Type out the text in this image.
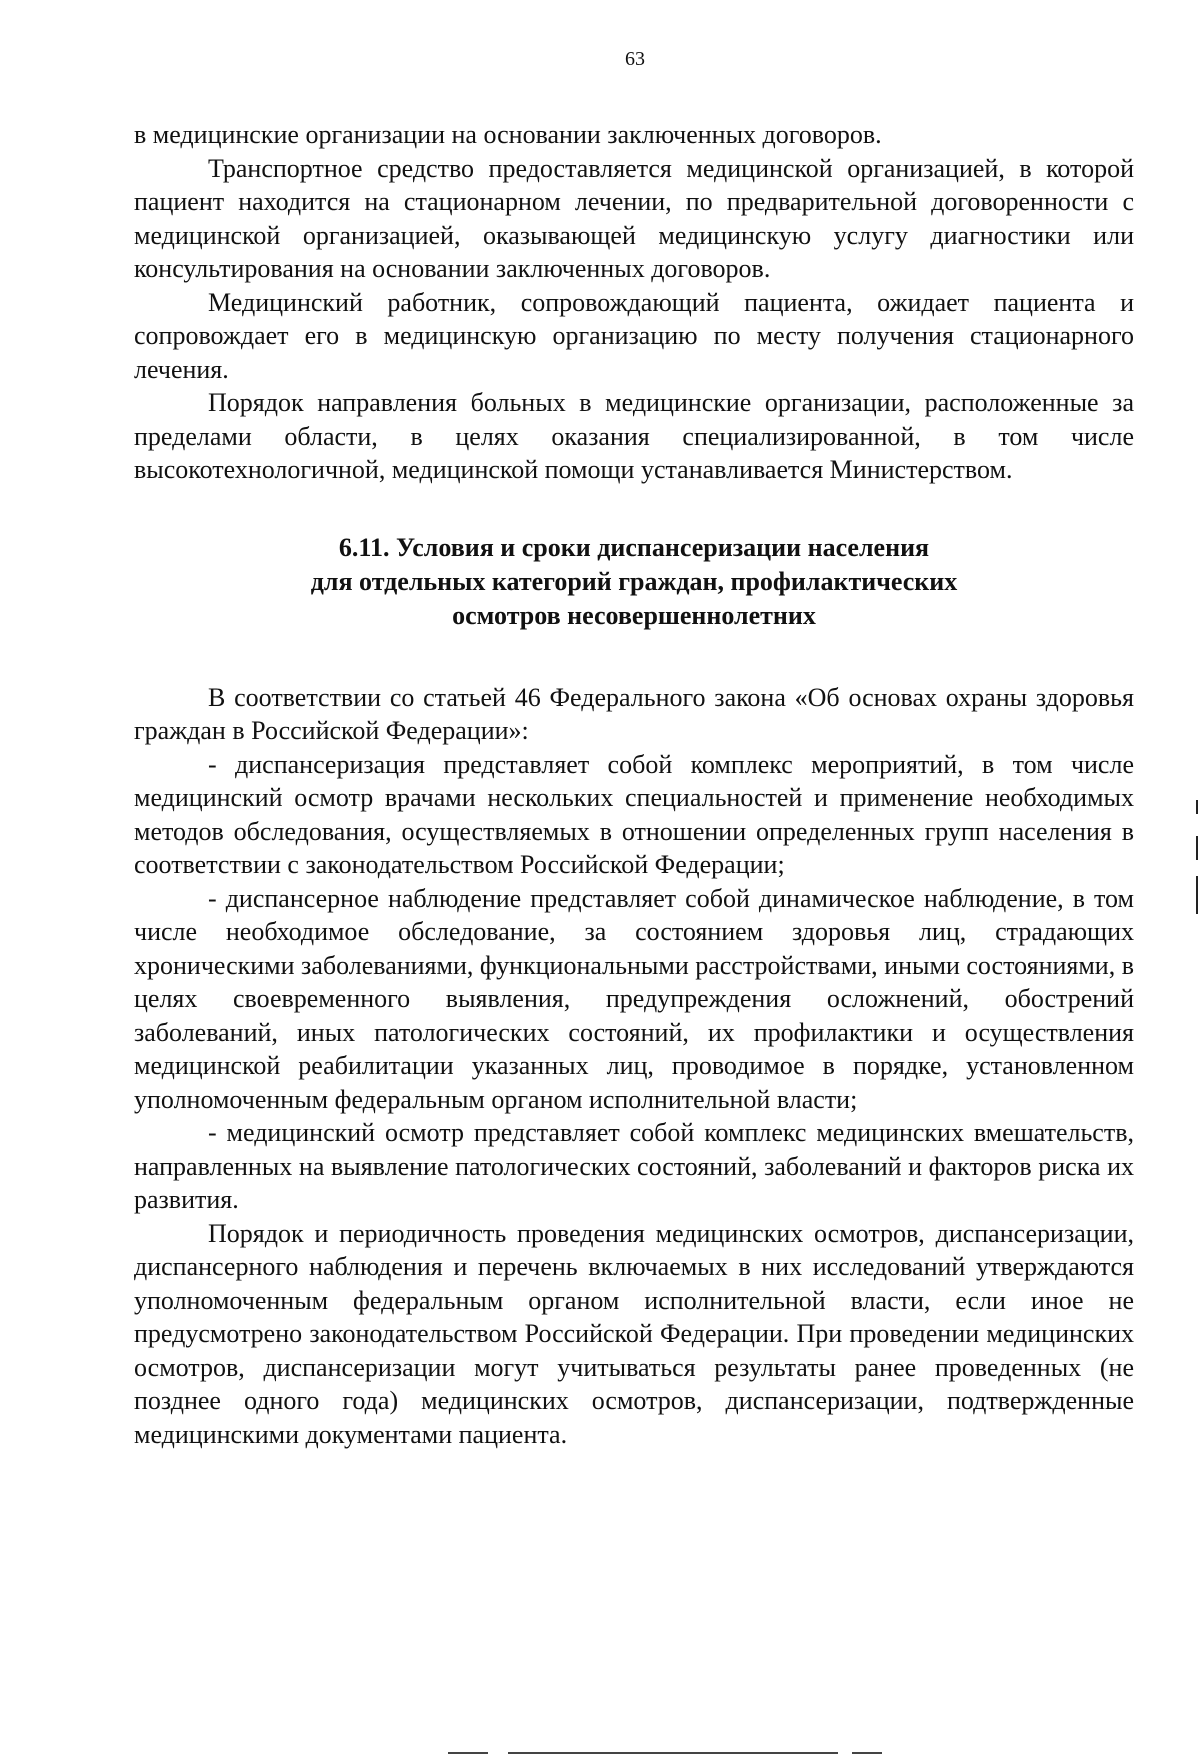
63

в медицинские организации на основании заключенных договоров.

Транспортное средство предоставляется медицинской организацией, в которой пациент находится на стационарном лечении, по предварительной договоренности с медицинской организацией, оказывающей медицинскую услугу диагностики или консультирования на основании заключенных договоров.

Медицинский работник, сопровождающий пациента, ожидает пациента и сопровождает его в медицинскую организацию по месту получения стационарного лечения.

Порядок направления больных в медицинские организации, расположенные за пределами области, в целях оказания специализированной, в том числе высокотехнологичной, медицинской помощи устанавливается Министерством.

6.11. Условия и сроки диспансеризации населения
для отдельных категорий граждан, профилактических
осмотров несовершеннолетних

В соответствии со статьей 46 Федерального закона «Об основах охраны здоровья граждан в Российской Федерации»:

- диспансеризация представляет собой комплекс мероприятий, в том числе медицинский осмотр врачами нескольких специальностей и применение необходимых методов обследования, осуществляемых в отношении определенных групп населения в соответствии с законодательством Российской Федерации;

- диспансерное наблюдение представляет собой динамическое наблюдение, в том числе необходимое обследование, за состоянием здоровья лиц, страдающих хроническими заболеваниями, функциональными расстройствами, иными состояниями, в целях своевременного выявления, предупреждения осложнений, обострений заболеваний, иных патологических состояний, их профилактики и осуществления медицинской реабилитации указанных лиц, проводимое в порядке, установленном уполномоченным федеральным органом исполнительной власти;

- медицинский осмотр представляет собой комплекс медицинских вмешательств, направленных на выявление патологических состояний, заболеваний и факторов риска их развития.

Порядок и периодичность проведения медицинских осмотров, диспансеризации, диспансерного наблюдения и перечень включаемых в них исследований утверждаются уполномоченным федеральным органом исполнительной власти, если иное не предусмотрено законодательством Российской Федерации. При проведении медицинских осмотров, диспансеризации могут учитываться результаты ранее проведенных (не позднее одного года) медицинских осмотров, диспансеризации, подтвержденные медицинскими документами пациента.
